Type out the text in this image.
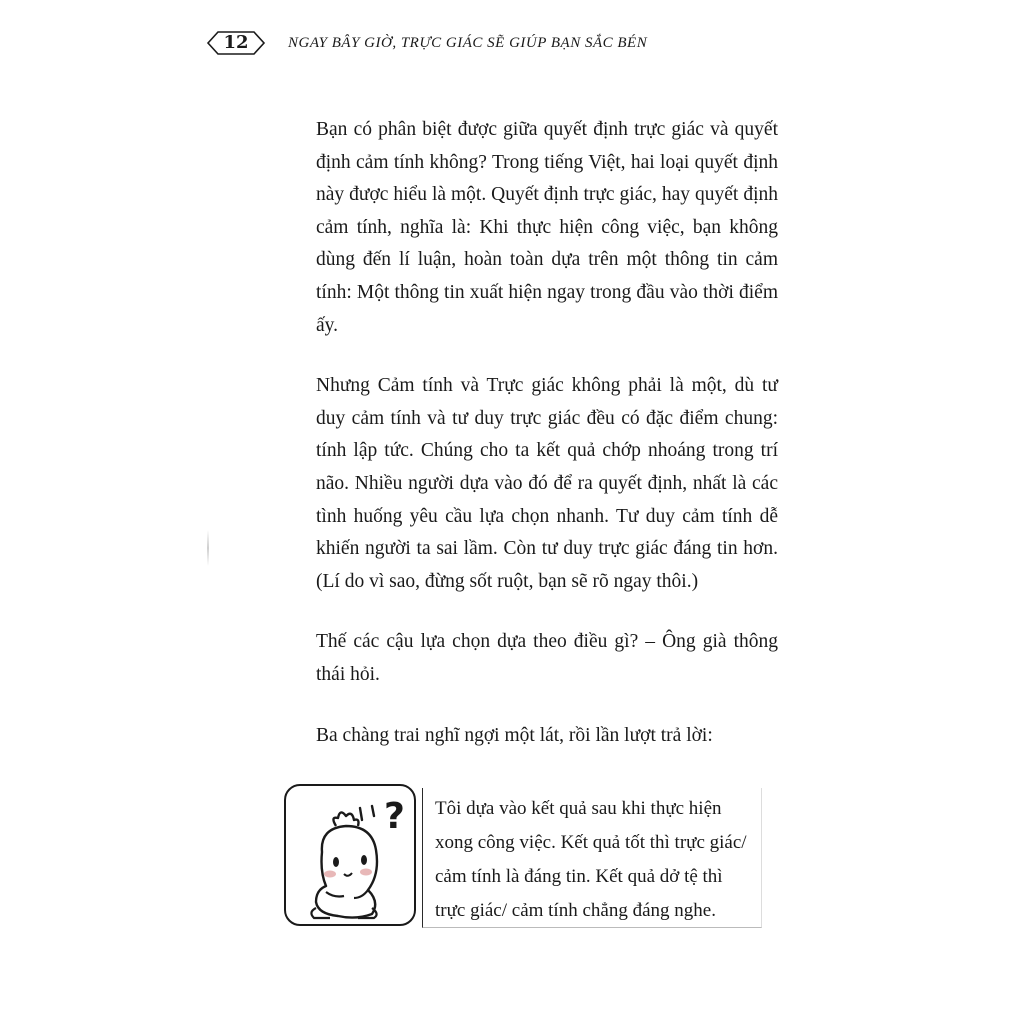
12	NGAY BÂY GIỜ, TRỰC GIÁC SẼ GIÚP BẠN SẮC BÉN

Bạn có phân biệt được giữa quyết định trực giác và quyết định cảm tính không? Trong tiếng Việt, hai loại quyết định này được hiểu là một. Quyết định trực giác, hay quyết định cảm tính, nghĩa là: Khi thực hiện công việc, bạn không dùng đến lí luận, hoàn toàn dựa trên một thông tin cảm tính: Một thông tin xuất hiện ngay trong đầu vào thời điểm ấy.

Nhưng Cảm tính và Trực giác không phải là một, dù tư duy cảm tính và tư duy trực giác đều có đặc điểm chung: tính lập tức. Chúng cho ta kết quả chớp nhoáng trong trí não. Nhiều người dựa vào đó để ra quyết định, nhất là các tình huống yêu cầu lựa chọn nhanh. Tư duy cảm tính dễ khiến người ta sai lầm. Còn tư duy trực giác đáng tin hơn. (Lí do vì sao, đừng sốt ruột, bạn sẽ rõ ngay thôi.)

Thế các cậu lựa chọn dựa theo điều gì? – Ông già thông thái hỏi.

Ba chàng trai nghĩ ngợi một lát, rồi lần lượt trả lời:

? Tôi dựa vào kết quả sau khi thực hiện
xong công việc. Kết quả tốt thì trực giác/
cảm tính là đáng tin. Kết quả dở tệ thì
trực giác/ cảm tính chẳng đáng nghe.
